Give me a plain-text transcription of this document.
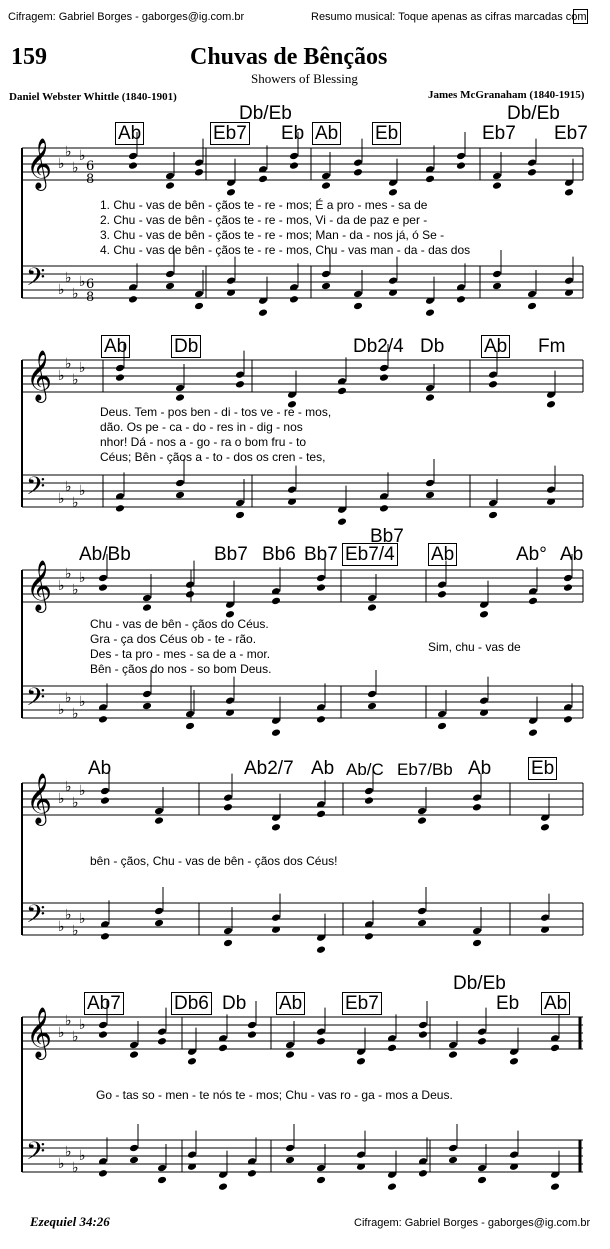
Cifragem: Gabriel Borges - gaborges@ig.com.br	Resumo musical: Toque apenas as cifras marcadas com
159	Chuvas de Bênçãos
Showers of Blessing
Daniel Webster Whittle (1840-1901)	James McGranaham (1840-1915)
𝄞 ♭
♭
♭
♭
𝄢 ♭
♭
♭
♭
𝄞 ♭
♭
♭
♭
𝄢 ♭
♭
♭
♭
𝄞 ♭
♭
♭
♭
𝄢 ♭
♭
♭
♭
𝄞 ♭
♭
♭
♭
𝄢 ♭
♭
♭
♭
𝄞 ♭
♭
♭
♭
𝄢 ♭
♭
♭
♭
6
8
6
8
Ab	Eb7
Db/Eb
Eb Ab Eb	Eb7
Db/Eb
Eb7
1. Chu - vas de bên - çãos te - re - mos; É a pro - mes - sa de
2. Chu - vas de bên - çãos te - re - mos, Vi - da de paz e per -
3. Chu - vas de bên - çãos te - re - mos; Man - da - nos já, ó Se -
4. Chu - vas de bên - çãos te - re - mos, Chu - vas man - da - das dos
Ab Db	Db2/4 Db Ab Fm
Deus. Tem - pos ben - di - tos ve - re - mos,
dão. Os pe - ca - do - res in - dig - nos
nhor! Dá - nos a - go - ra o bom fru - to
Céus; Bên - çãos a - to - dos os cren - tes,
Ab/Bb	Bb7 Bb6 Bb7 Eb7/4
Bb7
Ab	Ab° Ab
Chu - vas de bên - çãos do Céus.
Gra - ça dos Céus ob - te - rão.
Des - ta pro - mes - sa de a - mor.
Bên - çãos do nos - so bom Deus.
Sim, chu - vas de
Ab	Ab2/7 Ab Ab/C Eb7/Bb Ab Eb
bên - çãos, Chu - vas de bên - çãos dos Céus!
Ab7	Db6 Db Ab Eb7
Db/Eb
Eb Ab
Go - tas so - men - te nós te - mos; Chu - vas ro - ga - mos a Deus.
Ezequiel 34:26	Cifragem: Gabriel Borges - gaborges@ig.com.br
